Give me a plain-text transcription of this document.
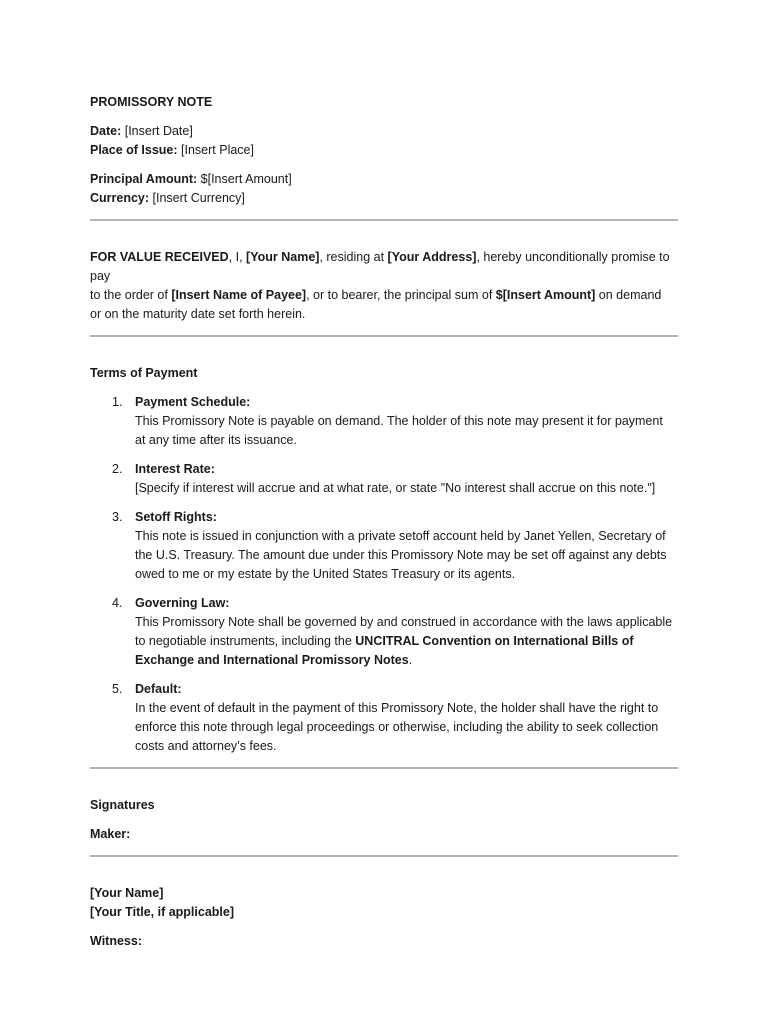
PROMISSORY NOTE

Date: [Insert Date]

Place of Issue: [Insert Place]

Principal Amount: $[Insert Amount]

Currency: [Insert Currency]

FOR VALUE RECEIVED, I, [Your Name], residing at [Your Address], hereby unconditionally promise to pay

to the order of [Insert Name of Payee], or to bearer, the principal sum of $[Insert Amount] on demand

or on the maturity date set forth herein.

Terms of Payment

1. Payment Schedule:

This Promissory Note is payable on demand. The holder of this note may present it for payment

at any time after its issuance.

2. Interest Rate:

[Specify if interest will accrue and at what rate, or state "No interest shall accrue on this note."]

3. Setoff Rights:

This note is issued in conjunction with a private setoff account held by Janet Yellen, Secretary of

the U.S. Treasury. The amount due under this Promissory Note may be set off against any debts

owed to me or my estate by the United States Treasury or its agents.

4. Governing Law:

This Promissory Note shall be governed by and construed in accordance with the laws applicable

to negotiable instruments, including the UNCITRAL Convention on International Bills of

Exchange and International Promissory Notes.

5. Default:

In the event of default in the payment of this Promissory Note, the holder shall have the right to

enforce this note through legal proceedings or otherwise, including the ability to seek collection

costs and attorney’s fees.

Signatures

Maker:

[Your Name]

[Your Title, if applicable]

Witness:
